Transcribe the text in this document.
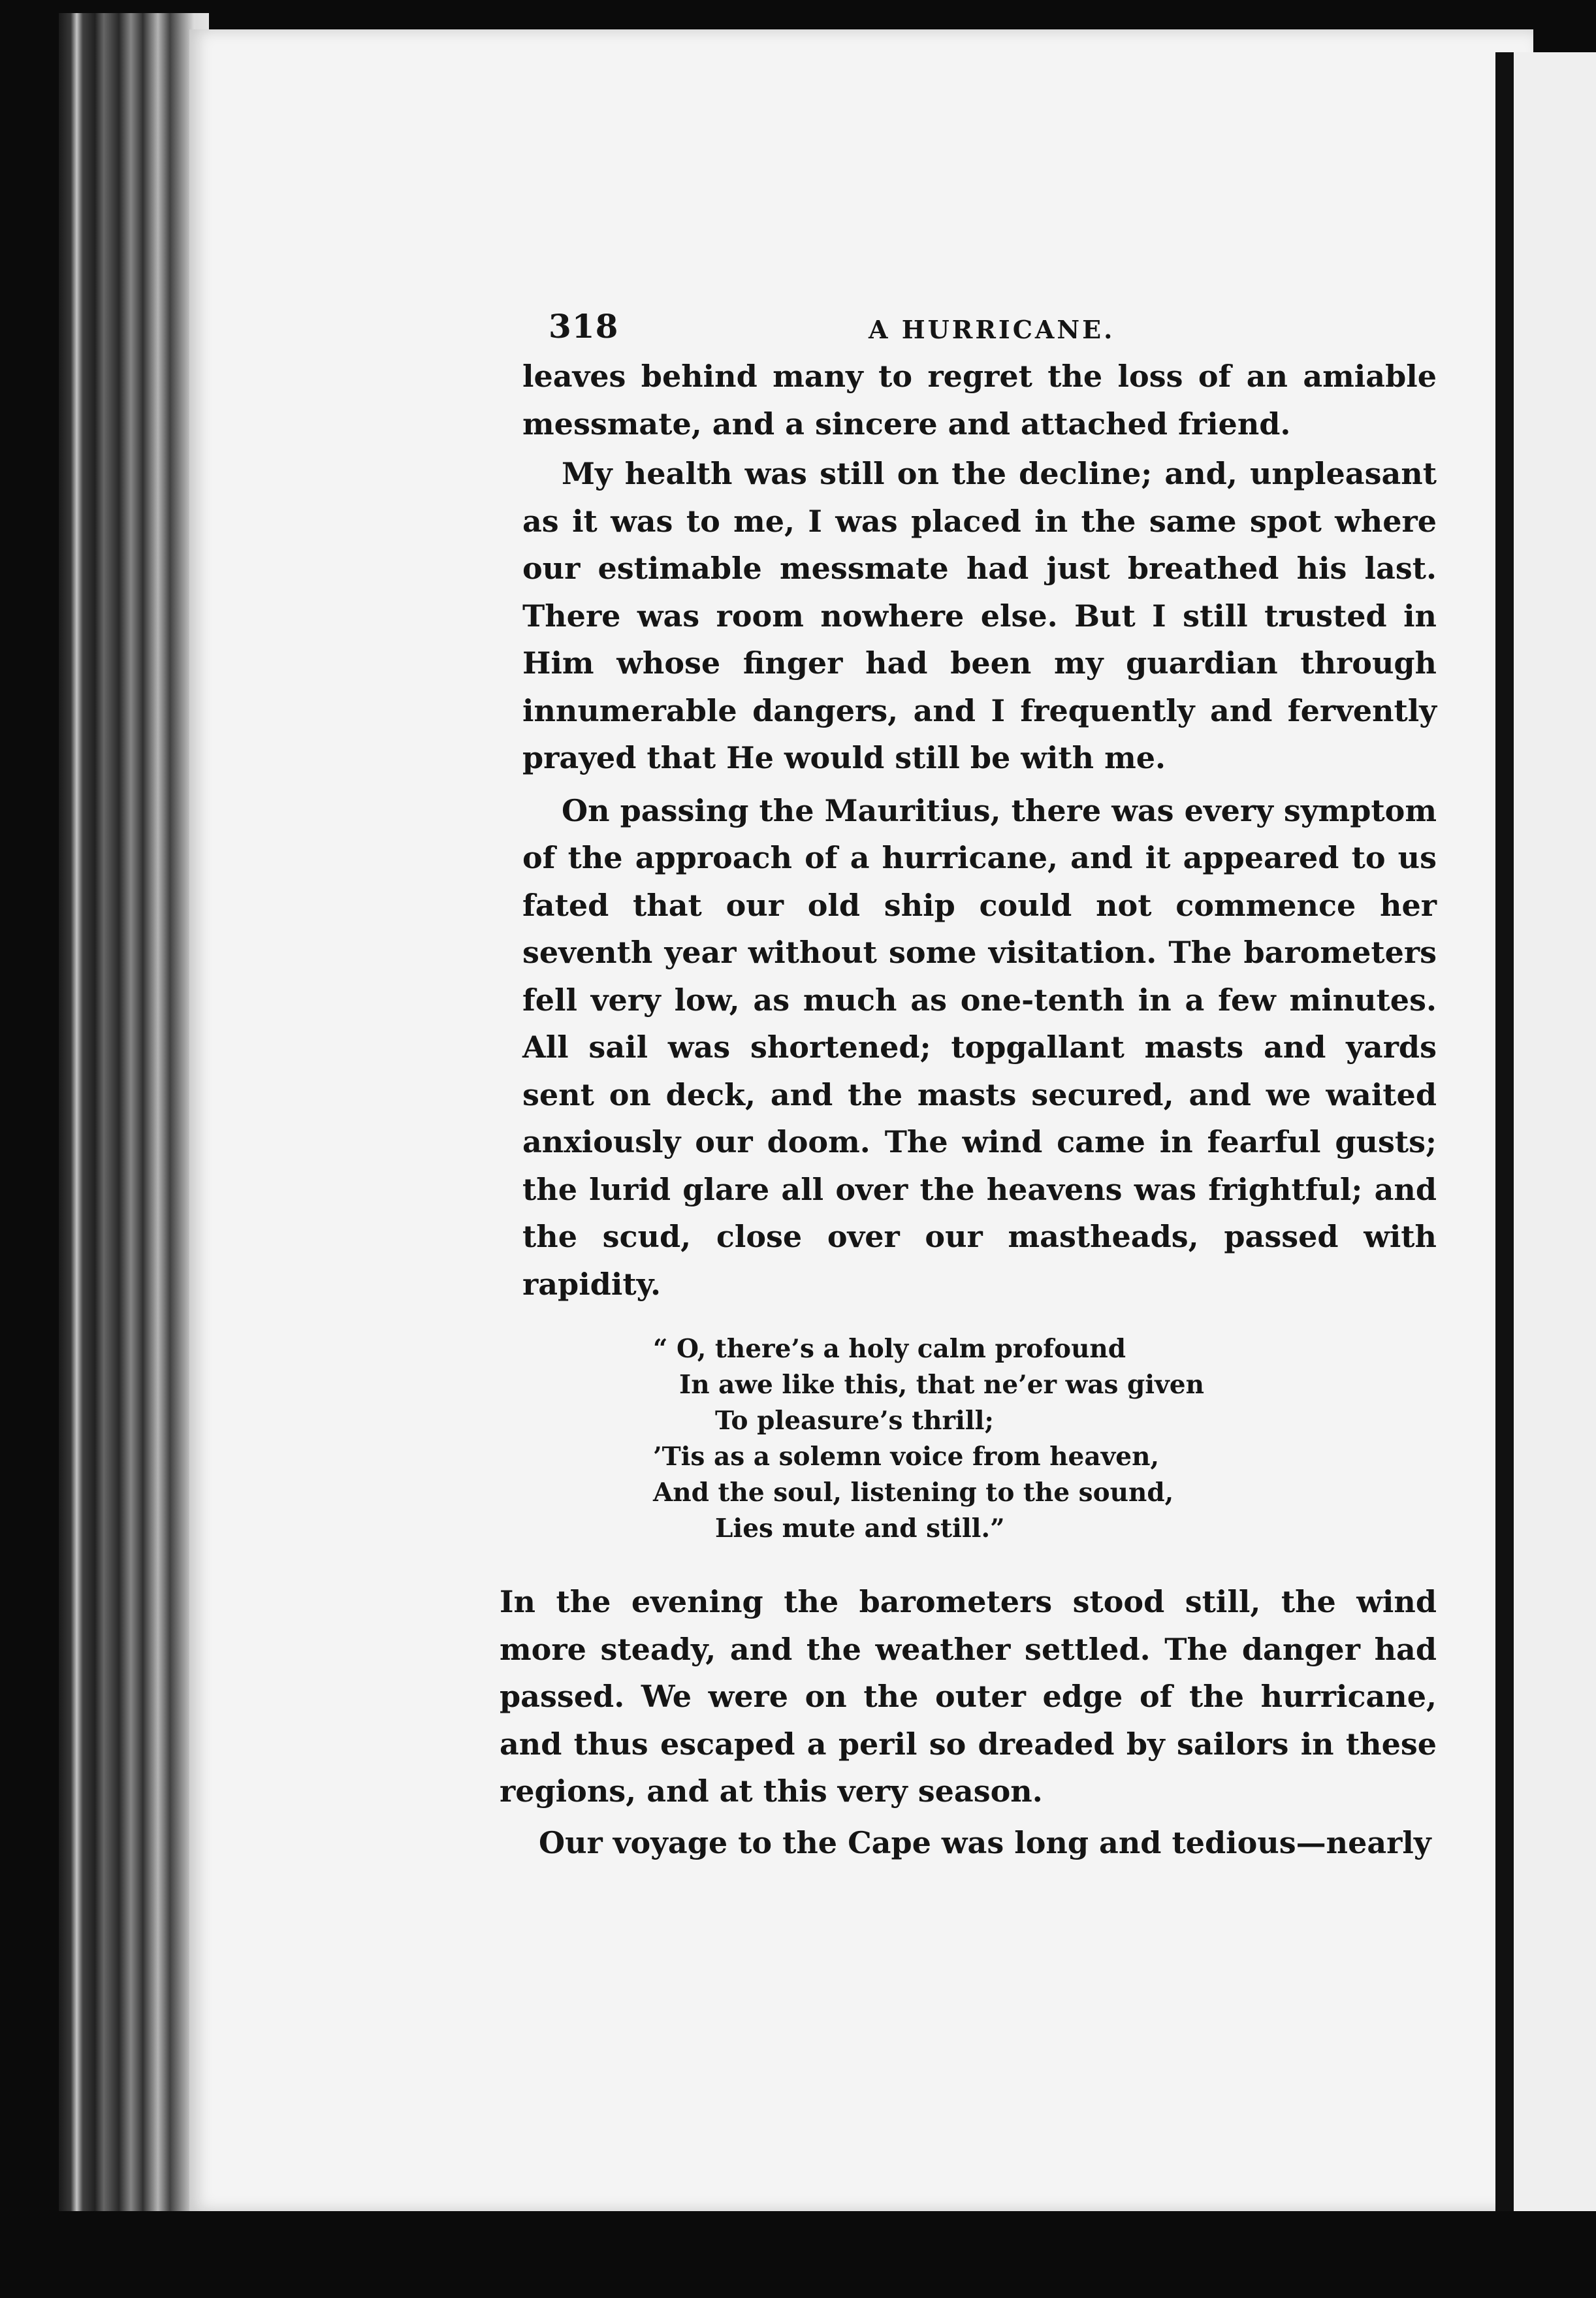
318	A HURRICANE.

leaves behind many to regret the loss of an amiable messmate, and a sincere and attached friend.

My health was still on the decline; and, unpleasant as it was to me, I was placed in the same spot where our estimable messmate had just breathed his last. There was room nowhere else. But I still trusted in Him whose finger had been my guardian through innumerable dangers, and I frequently and fervently prayed that He would still be with me.

On passing the Mauritius, there was every symptom of the approach of a hurricane, and it appeared to us fated that our old ship could not commence her seventh year without some visitation. The barometers fell very low, as much as one-tenth in a few minutes. All sail was shortened; topgallant masts and yards sent on deck, and the masts secured, and we waited anxiously our doom. The wind came in fearful gusts; the lurid glare all over the heavens was frightful; and the scud, close over our mastheads, passed with rapidity.

“ O, there’s a holy calm profound
In awe like this, that ne’er was given
To pleasure’s thrill;
’Tis as a solemn voice from heaven,
And the soul, listening to the sound,
Lies mute and still.”

In the evening the barometers stood still, the wind more steady, and the weather settled. The danger had passed. We were on the outer edge of the hurricane, and thus escaped a peril so dreaded by sailors in these regions, and at this very season.

Our voyage to the Cape was long and tedious—nearly
